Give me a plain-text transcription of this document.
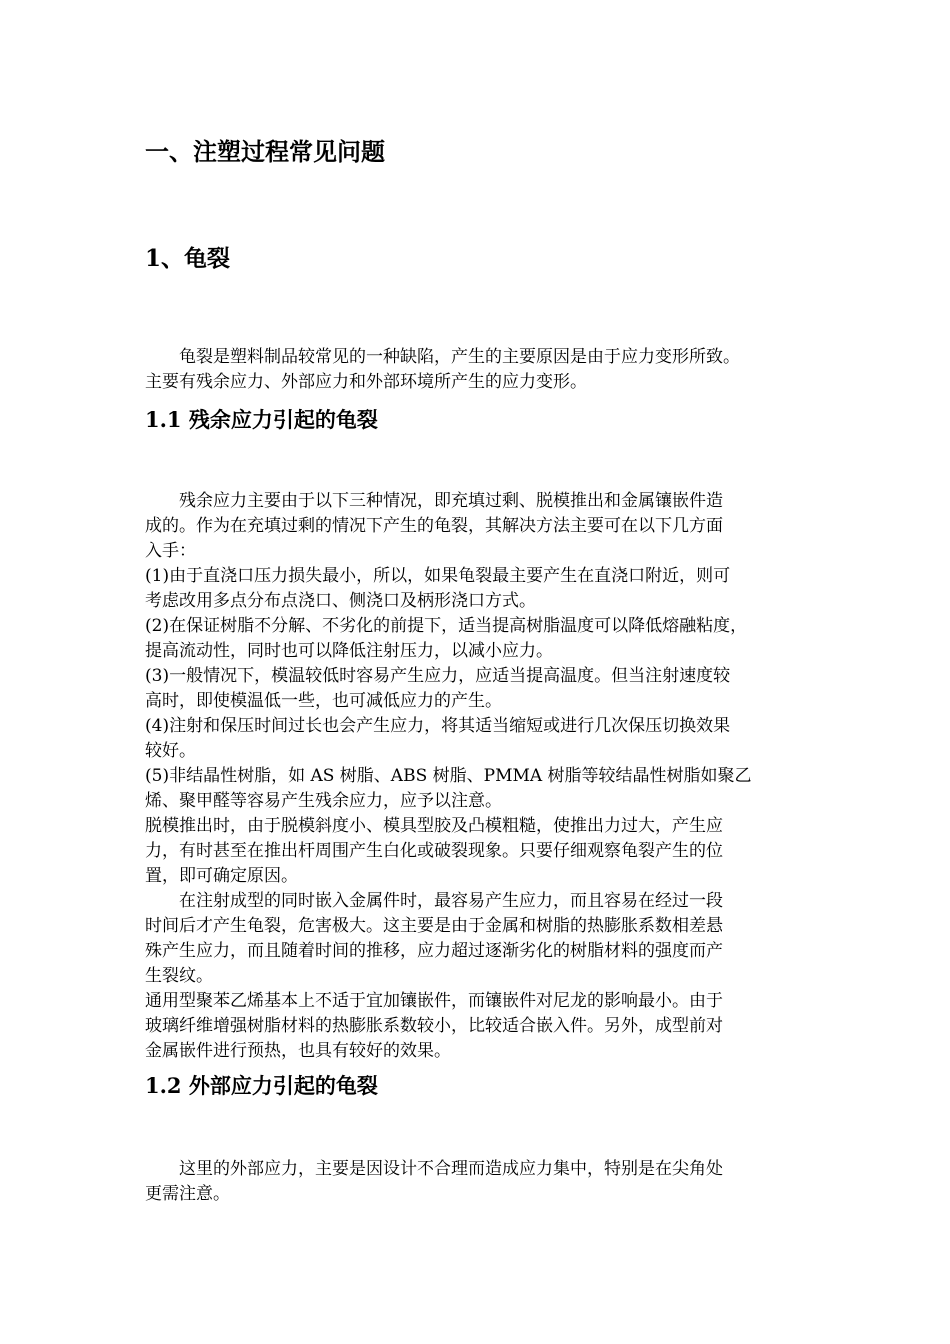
一、注塑过程常见问题
1、龟裂
　　龟裂是塑料制品较常见的一种缺陷，产生的主要原因是由于应力变形所致。
主要有残余应力、外部应力和外部环境所产生的应力变形。
1.1 残余应力引起的龟裂
　　残余应力主要由于以下三种情况，即充填过剩、脱模推出和金属镶嵌件造
成的。作为在充填过剩的情况下产生的龟裂，其解决方法主要可在以下几方面
入手：
(1)由于直浇口压力损失最小，所以，如果龟裂最主要产生在直浇口附近，则可
考虑改用多点分布点浇口、侧浇口及柄形浇口方式。
(2)在保证树脂不分解、不劣化的前提下，适当提高树脂温度可以降低熔融粘度，
提高流动性，同时也可以降低注射压力，以减小应力。
(3)一般情况下，模温较低时容易产生应力，应适当提高温度。但当注射速度较
高时，即使模温低一些，也可减低应力的产生。
(4)注射和保压时间过长也会产生应力，将其适当缩短或进行几次保压切换效果
较好。
(5)非结晶性树脂，如 AS 树脂、ABS 树脂、PMMA 树脂等较结晶性树脂如聚乙
烯、聚甲醛等容易产生残余应力，应予以注意。
脱模推出时，由于脱模斜度小、模具型胶及凸模粗糙，使推出力过大，产生应
力，有时甚至在推出杆周围产生白化或破裂现象。只要仔细观察龟裂产生的位
置，即可确定原因。
　　在注射成型的同时嵌入金属件时，最容易产生应力，而且容易在经过一段
时间后才产生龟裂，危害极大。这主要是由于金属和树脂的热膨胀系数相差悬
殊产生应力，而且随着时间的推移，应力超过逐渐劣化的树脂材料的强度而产
生裂纹。
通用型聚苯乙烯基本上不适于宜加镶嵌件，而镶嵌件对尼龙的影响最小。由于
玻璃纤维增强树脂材料的热膨胀系数较小，比较适合嵌入件。另外，成型前对
金属嵌件进行预热，也具有较好的效果。
1.2 外部应力引起的龟裂
　　这里的外部应力，主要是因设计不合理而造成应力集中，特别是在尖角处
更需注意。
